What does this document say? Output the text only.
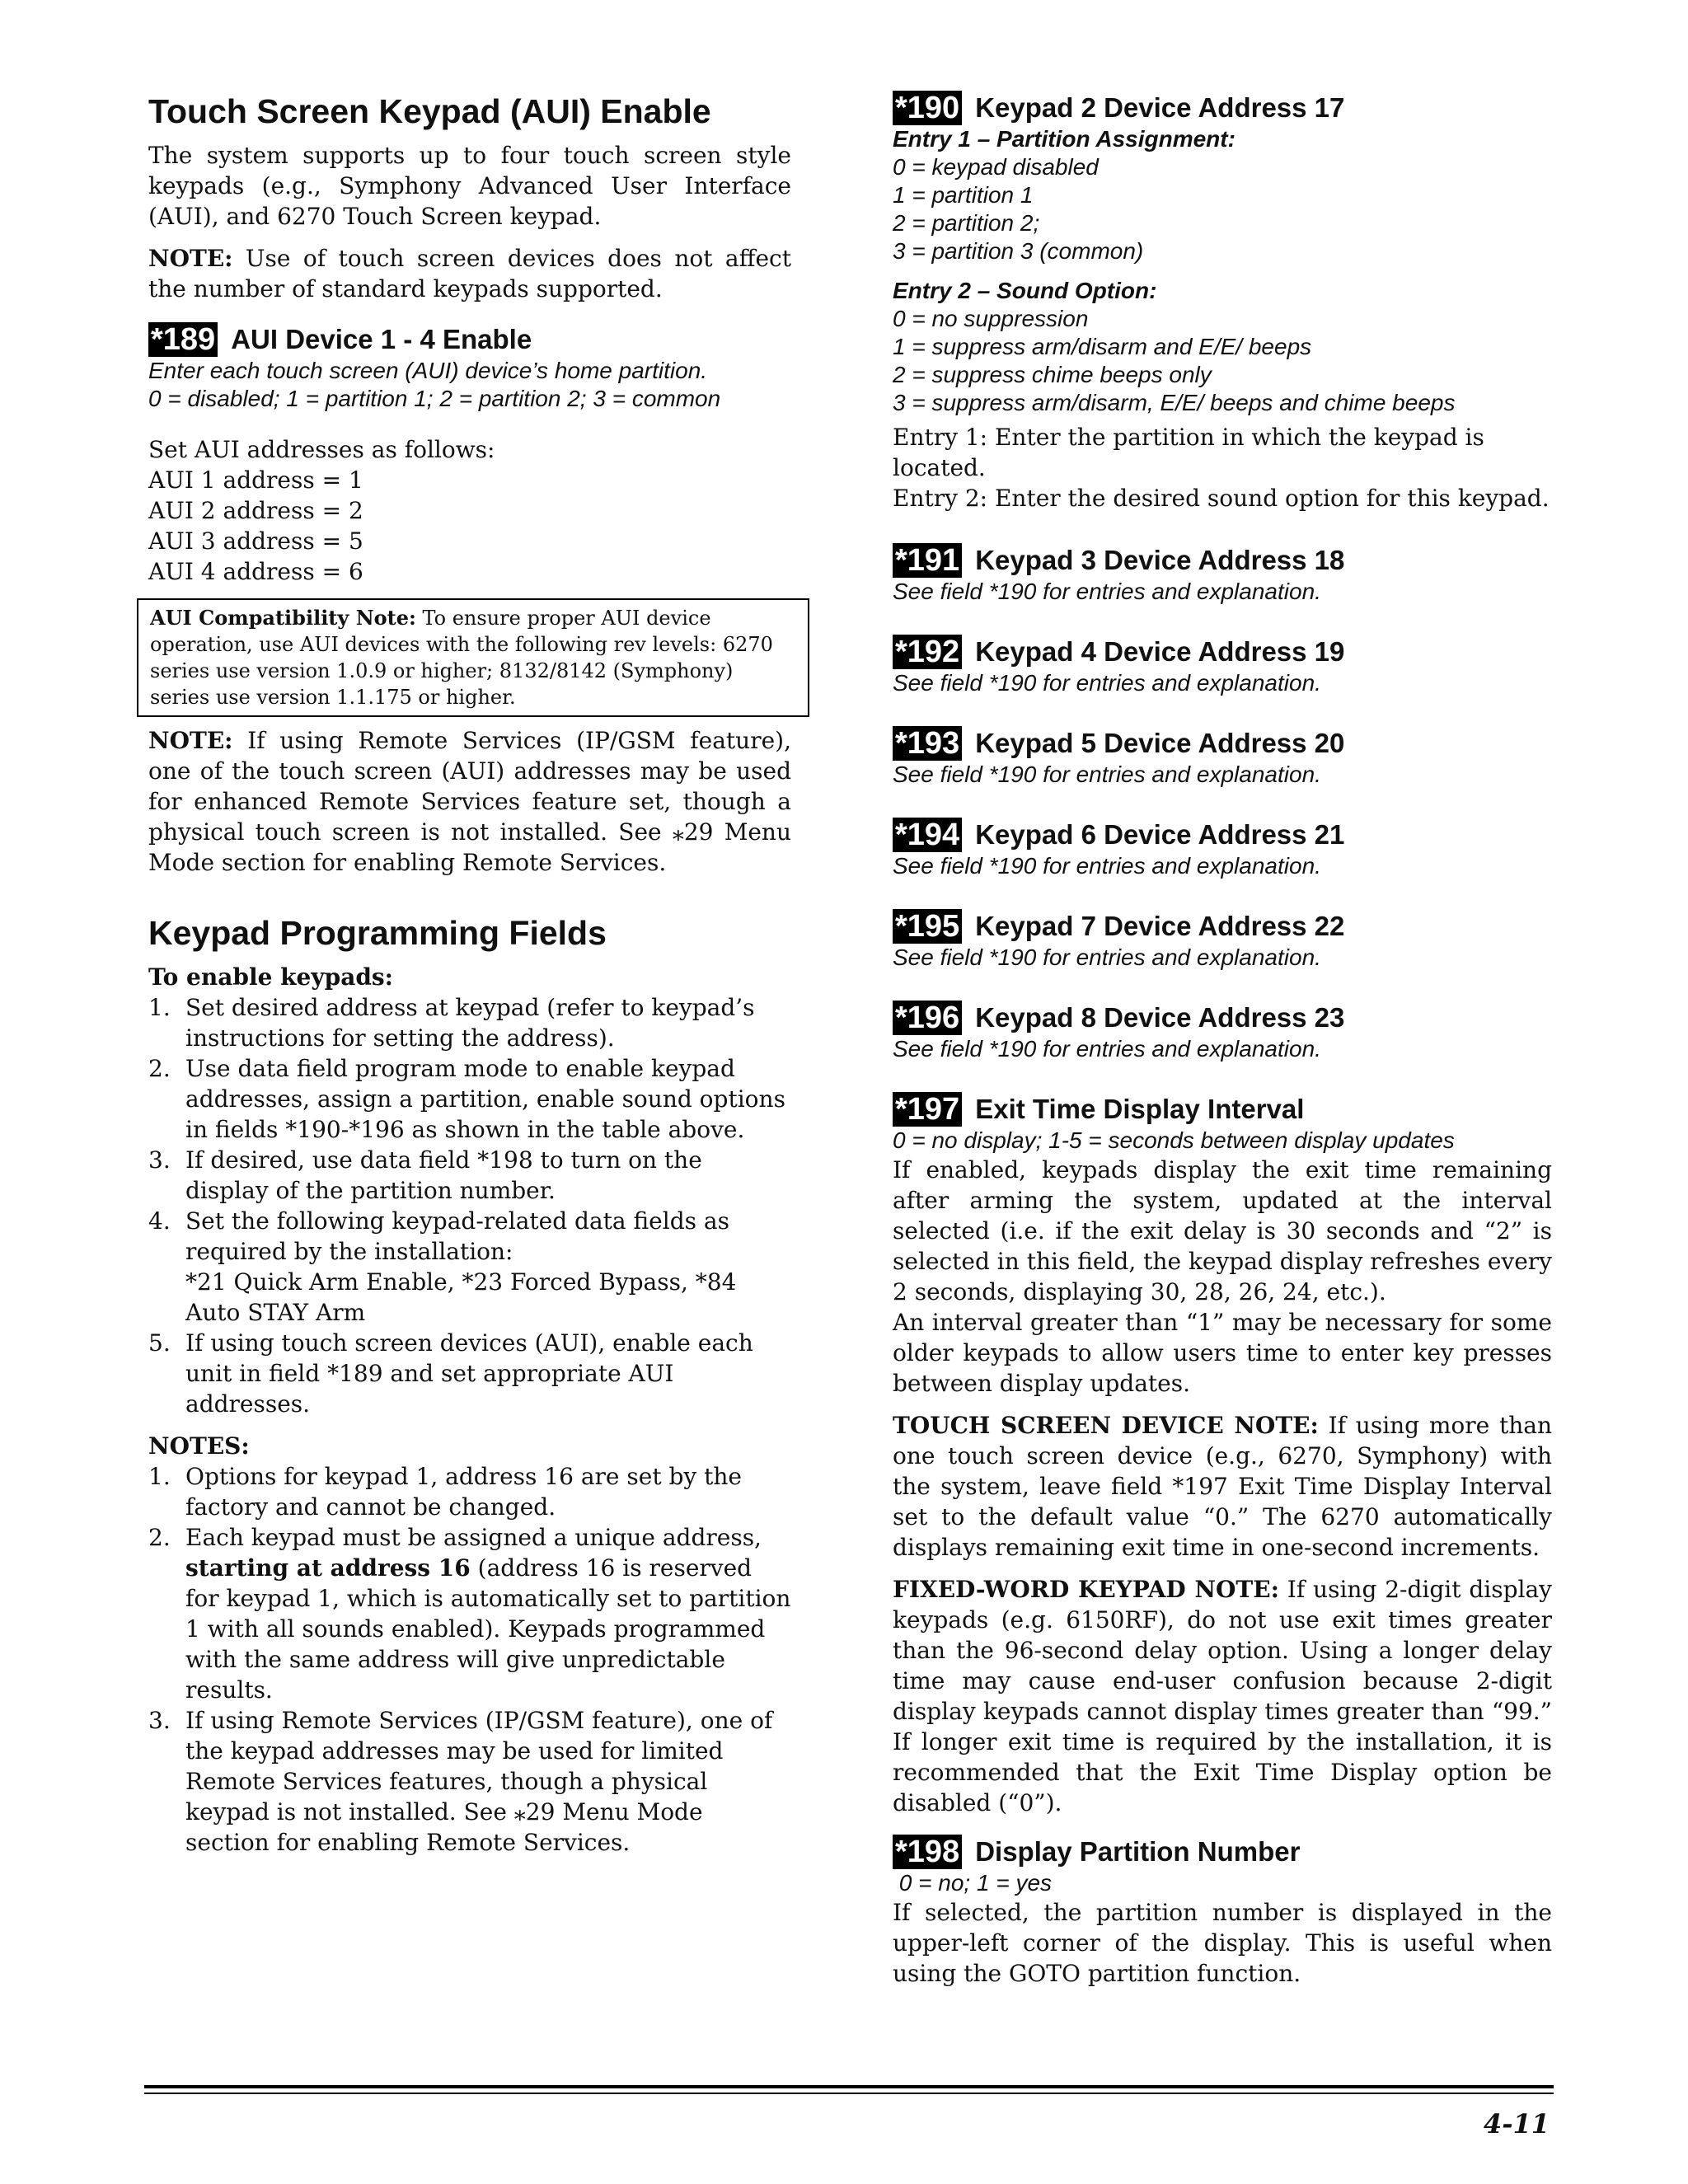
Touch Screen Keypad (AUI) Enable

The system supports up to four touch screen style keypads (e.g., Symphony Advanced User Interface (AUI), and 6270 Touch Screen keypad.

NOTE: Use of touch screen devices does not affect the number of standard keypads supported.

*189 AUI Device 1 - 4 Enable
Enter each touch screen (AUI) device’s home partition.
0 = disabled; 1 = partition 1; 2 = partition 2; 3 = common
Set AUI addresses as follows:
AUI 1 address = 1
AUI 2 address = 2
AUI 3 address = 5
AUI 4 address = 6
AUI Compatibility Note: To ensure proper AUI device operation, use AUI devices with the following rev levels: 6270 series use version 1.0.9 or higher; 8132/8142 (Symphony) series use version 1.1.175 or higher.

NOTE: If using Remote Services (IP/GSM feature), one of the touch screen (AUI) addresses may be used for enhanced Remote Services feature set, though a physical touch screen is not installed. See ⁎29 Menu Mode section for enabling Remote Services.

Keypad Programming Fields
To enable keypads:
1. Set desired address at keypad (refer to keypad’s instructions for setting the address).
2. Use data field program mode to enable keypad addresses, assign a partition, enable sound options in fields *190-*196 as shown in the table above.
3. If desired, use data field *198 to turn on the display of the partition number.
4. Set the following keypad-related data fields as required by the installation:
*21 Quick Arm Enable, *23 Forced Bypass, *84 Auto STAY Arm
5. If using touch screen devices (AUI), enable each unit in field *189 and set appropriate AUI addresses.
NOTES:
1. Options for keypad 1, address 16 are set by the factory and cannot be changed.
2. Each keypad must be assigned a unique address, starting at address 16 (address 16 is reserved for keypad 1, which is automatically set to partition 1 with all sounds enabled). Keypads programmed with the same address will give unpredictable results.
3. If using Remote Services (IP/GSM feature), one of the keypad addresses may be used for limited Remote Services features, though a physical keypad is not installed. See ⁎29 Menu Mode section for enabling Remote Services.
*190 Keypad 2 Device Address 17
Entry 1 – Partition Assignment:
0 = keypad disabled
1 = partition 1
2 = partition 2;
3 = partition 3 (common)
Entry 2 – Sound Option:
0 = no suppression
1 = suppress arm/disarm and E/E/ beeps
2 = suppress chime beeps only
3 = suppress arm/disarm, E/E/ beeps and chime beeps

Entry 1: Enter the partition in which the keypad is located.

Entry 2: Enter the desired sound option for this keypad.

*191 Keypad 3 Device Address 18
See field *190 for entries and explanation.
*192 Keypad 4 Device Address 19
See field *190 for entries and explanation.
*193 Keypad 5 Device Address 20
See field *190 for entries and explanation.
*194 Keypad 6 Device Address 21
See field *190 for entries and explanation.
*195 Keypad 7 Device Address 22
See field *190 for entries and explanation.
*196 Keypad 8 Device Address 23
See field *190 for entries and explanation.
*197 Exit Time Display Interval
0 = no display; 1-5 = seconds between display updates

If enabled, keypads display the exit time remaining after arming the system, updated at the interval selected (i.e. if the exit delay is 30 seconds and “2” is selected in this field, the keypad display refreshes every 2 seconds, displaying 30, 28, 26, 24, etc.).

An interval greater than “1” may be necessary for some older keypads to allow users time to enter key presses between display updates.

TOUCH SCREEN DEVICE NOTE: If using more than one touch screen device (e.g., 6270, Symphony) with the system, leave field *197 Exit Time Display Interval set to the default value “0.” The 6270 automatically displays remaining exit time in one-second increments.

FIXED-WORD KEYPAD NOTE: If using 2-digit display keypads (e.g. 6150RF), do not use exit times greater than the 96-second delay option. Using a longer delay time may cause end-user confusion because 2-digit display keypads cannot display times greater than “99.” If longer exit time is required by the installation, it is recommended that the Exit Time Display option be disabled (“0”).

*198 Display Partition Number
0 = no; 1 = yes

If selected, the partition number is displayed in the upper-left corner of the display. This is useful when using the GOTO partition function.

4-11
